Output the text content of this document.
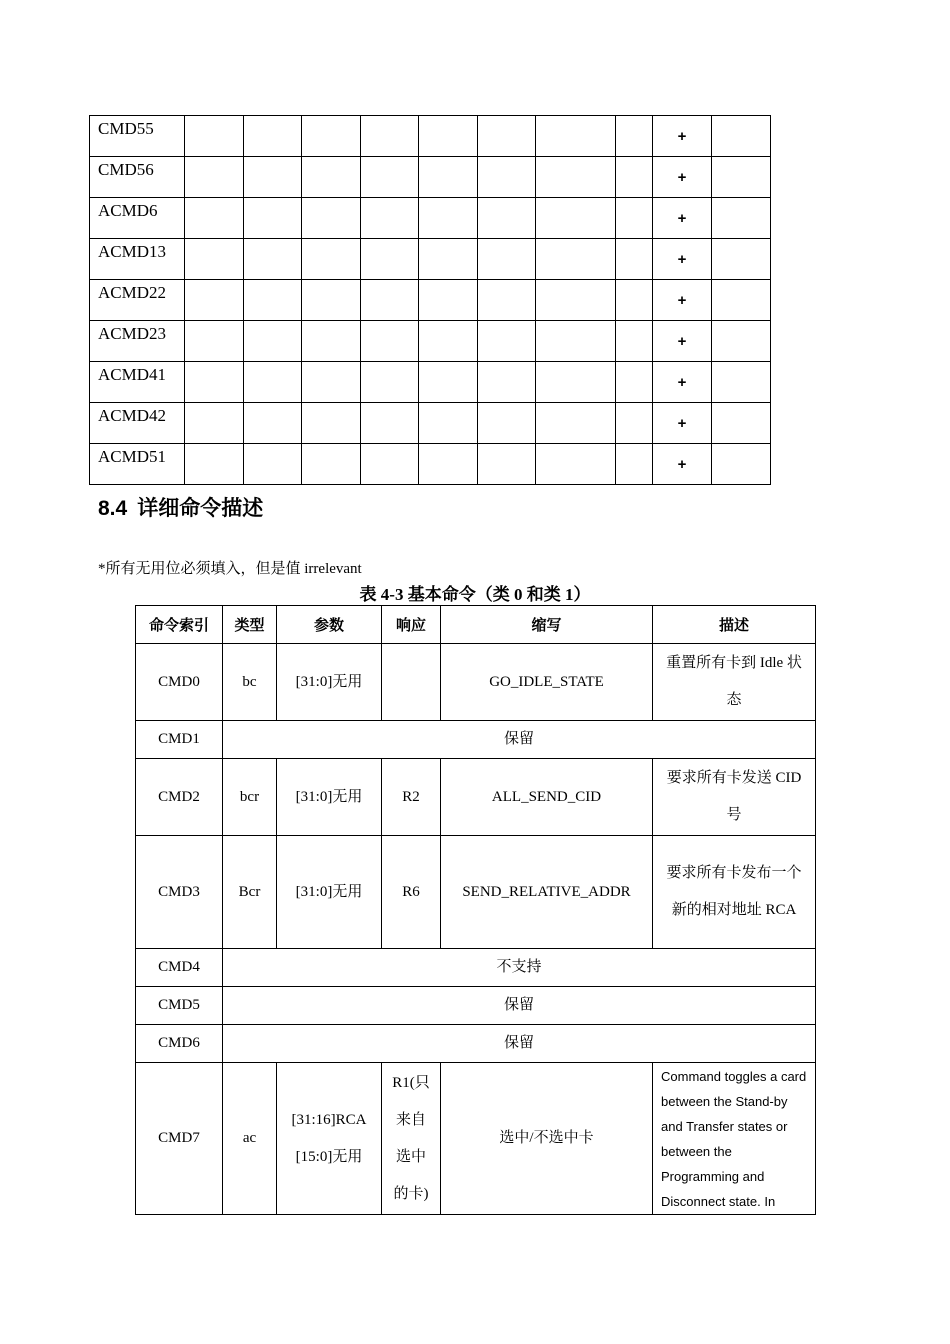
CMD55									+	
CMD56									+	
ACMD6									+	
ACMD13									+	
ACMD22									+	
ACMD23									+	
ACMD41									+	
ACMD42									+	
ACMD51									+	
8.4 详细命令描述
*所有无用位必须填入，但是值 irrelevant
表 4-3 基本命令（类 0 和类 1）
命令索引	类型	参数	响应	缩写	描述
CMD0	bc	[31:0]无用		GO_IDLE_STATE	重置所有卡到 Idle 状态
CMD1	保留				
CMD2	bcr	[31:0]无用	R2	ALL_SEND_CID	要求所有卡发送 CID 号
CMD3	Bcr	[31:0]无用	R6	SEND_RELATIVE_ADDR	要求所有卡发布一个新的相对地址 RCA
CMD4	不支持				
CMD5	保留				
CMD6	保留				
CMD7	ac	[31:16]RCA [15:0]无用	R1(只来自选中的卡)	选中/不选中卡	Command toggles a card between the Stand-by and Transfer states or between the Programming and Disconnect state. In
